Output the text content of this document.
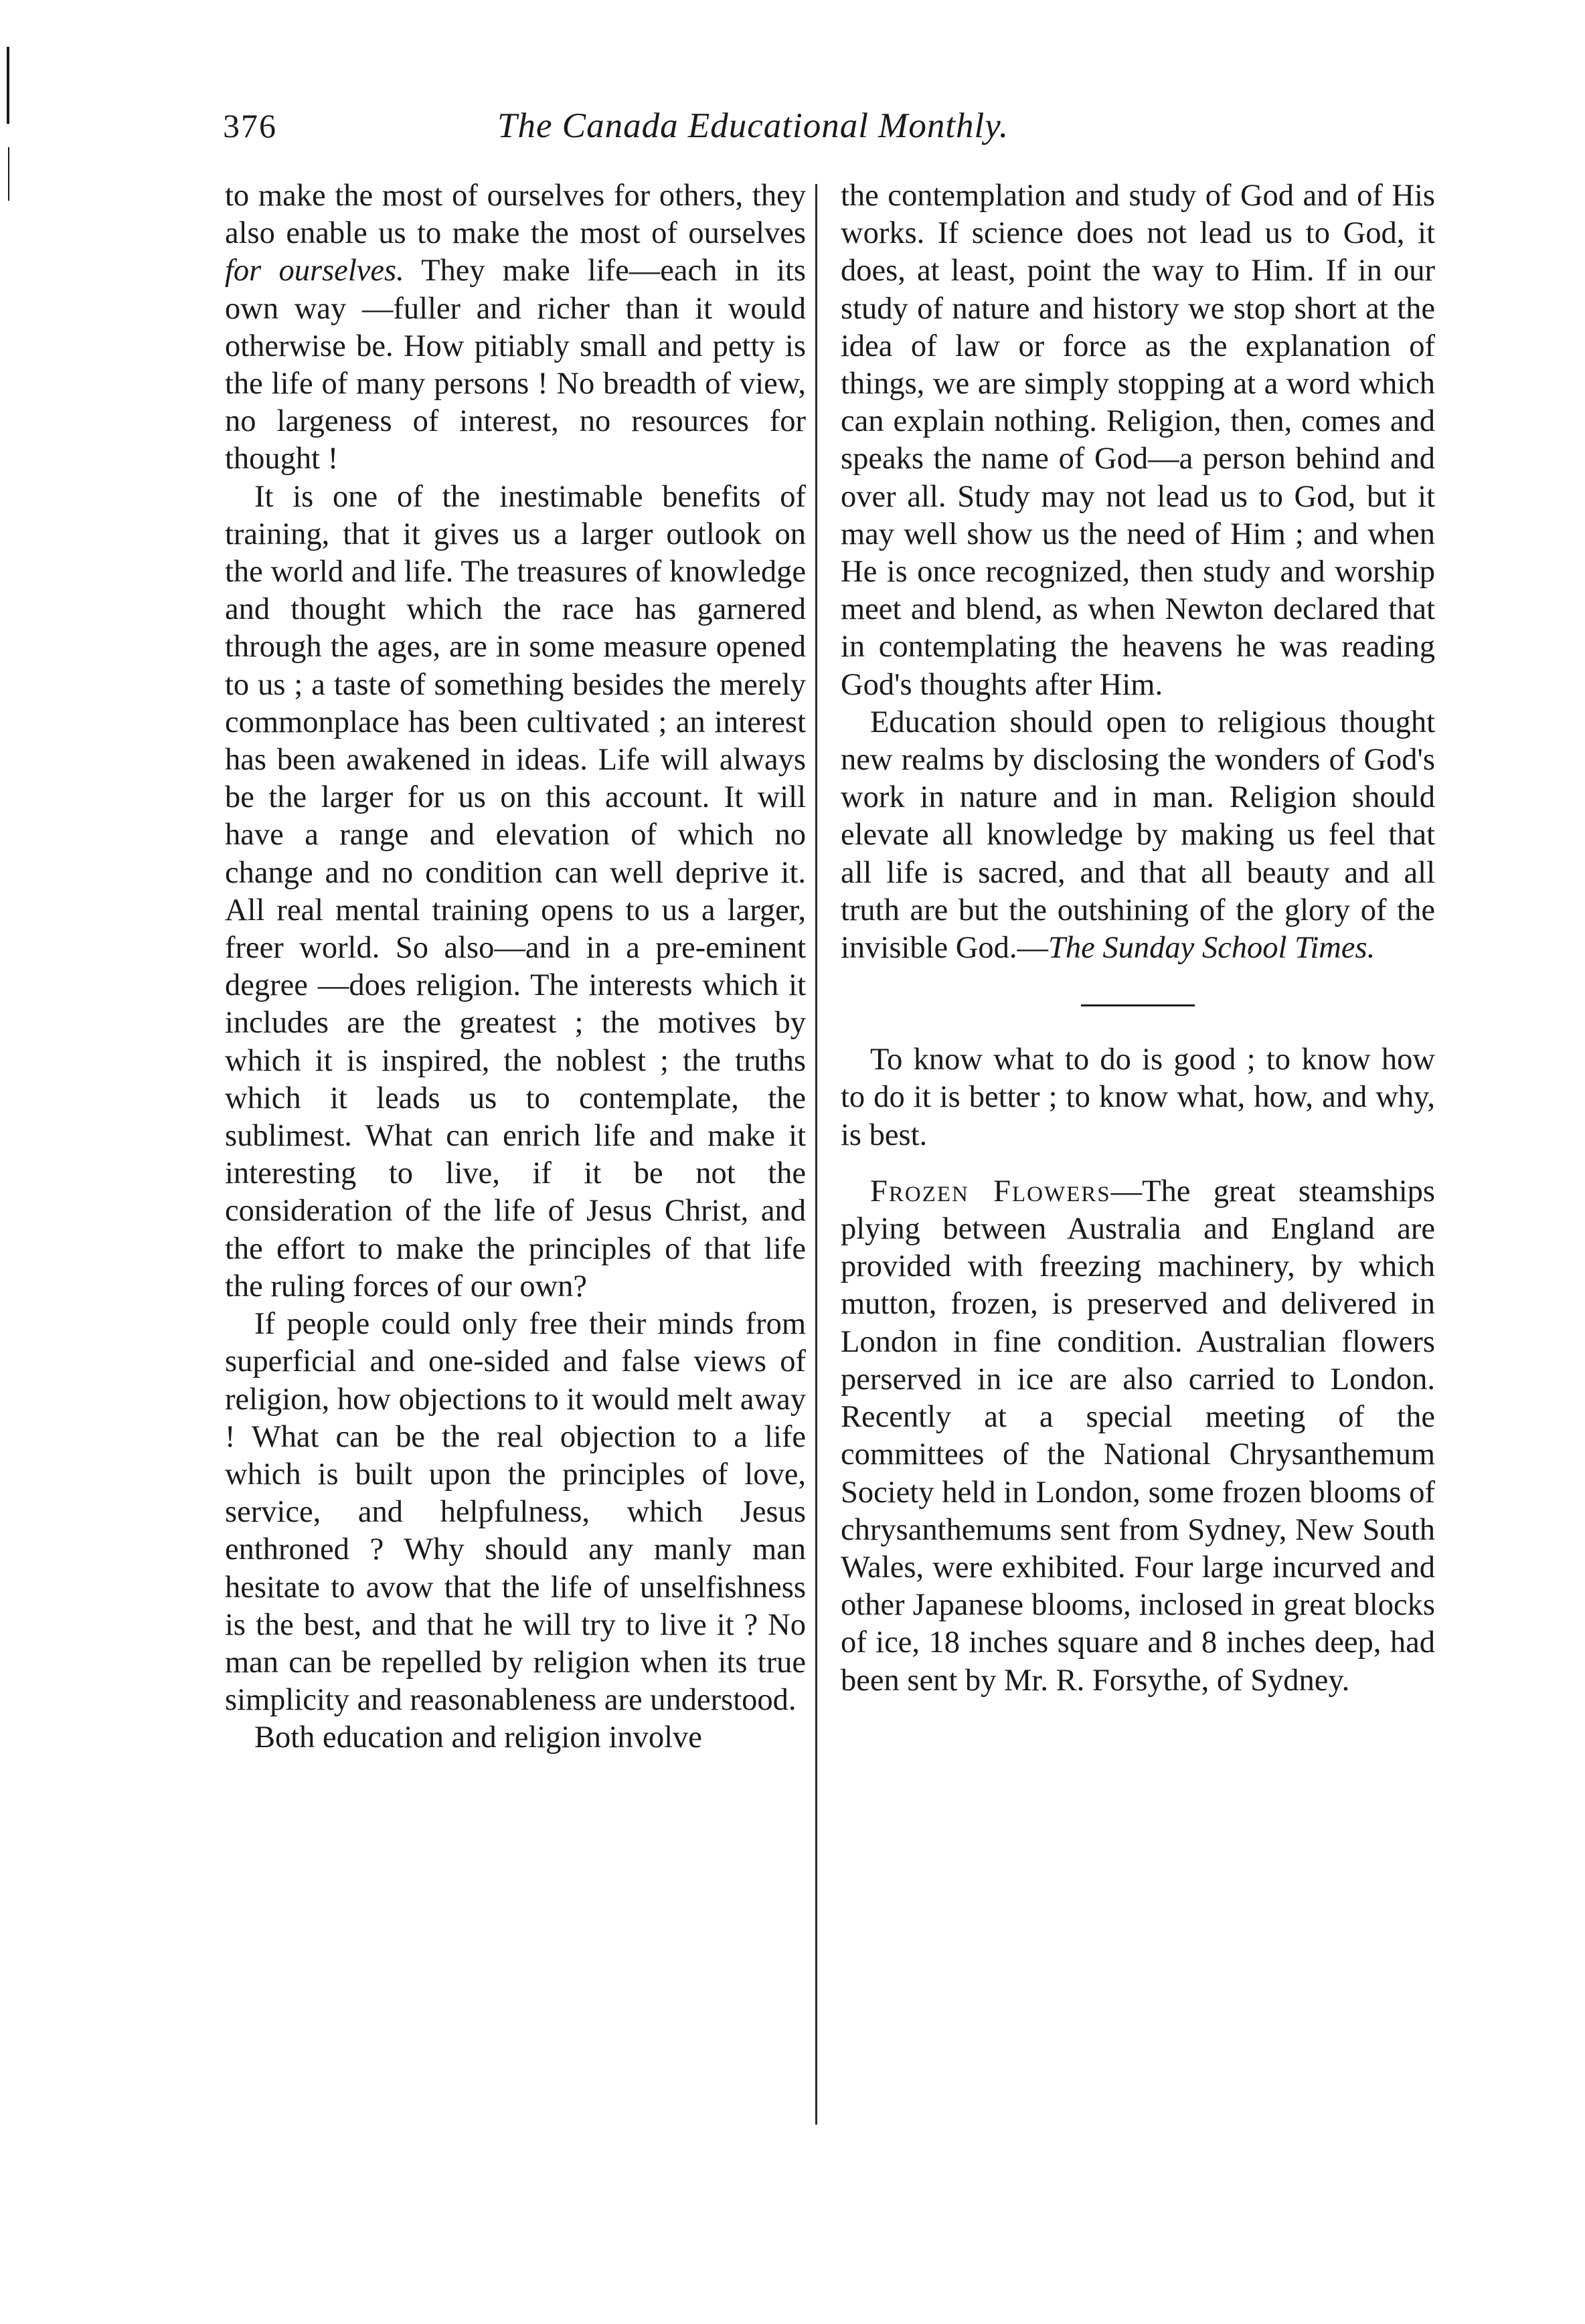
376	The Canada Educational Monthly.

to make the most of ourselves for others, they also enable us to make the most of ourselves for ourselves. They make life—each in its own way —fuller and richer than it would otherwise be. How pitiably small and petty is the life of many persons ! No breadth of view, no largeness of interest, no resources for thought !

It is one of the inestimable benefits of training, that it gives us a larger outlook on the world and life. The treasures of knowledge and thought which the race has garnered through the ages, are in some measure opened to us ; a taste of something besides the merely commonplace has been cultivated ; an interest has been awakened in ideas. Life will always be the larger for us on this account. It will have a range and elevation of which no change and no condition can well deprive it. All real mental training opens to us a larger, freer world. So also—and in a pre-eminent degree —does religion. The interests which it includes are the greatest ; the motives by which it is inspired, the noblest ; the truths which it leads us to contemplate, the sublimest. What can enrich life and make it interesting to live, if it be not the consideration of the life of Jesus Christ, and the effort to make the principles of that life the ruling forces of our own?

If people could only free their minds from superficial and one-sided and false views of religion, how objections to it would melt away ! What can be the real objection to a life which is built upon the principles of love, service, and helpfulness, which Jesus enthroned ? Why should any manly man hesitate to avow that the life of unselfishness is the best, and that he will try to live it ? No man can be repelled by religion when its true simplicity and reasonableness are understood.

Both education and religion involve

the contemplation and study of God and of His works. If science does not lead us to God, it does, at least, point the way to Him. If in our study of nature and history we stop short at the idea of law or force as the explanation of things, we are simply stopping at a word which can explain nothing. Religion, then, comes and speaks the name of God—a person behind and over all. Study may not lead us to God, but it may well show us the need of Him ; and when He is once recognized, then study and worship meet and blend, as when Newton declared that in contemplating the heavens he was reading God's thoughts after Him.

Education should open to religious thought new realms by disclosing the wonders of God's work in nature and in man. Religion should elevate all knowledge by making us feel that all life is sacred, and that all beauty and all truth are but the outshining of the glory of the invisible God.—The Sunday School Times.

To know what to do is good ; to know how to do it is better ; to know what, how, and why, is best.

Frozen Flowers—The great steamships plying between Australia and England are provided with freezing machinery, by which mutton, frozen, is preserved and delivered in London in fine condition. Australian flowers perserved in ice are also carried to London. Recently at a special meeting of the committees of the National Chrysanthemum Society held in London, some frozen blooms of chrysanthemums sent from Sydney, New South Wales, were exhibited. Four large incurved and other Japanese blooms, inclosed in great blocks of ice, 18 inches square and 8 inches deep, had been sent by Mr. R. Forsythe, of Sydney.
